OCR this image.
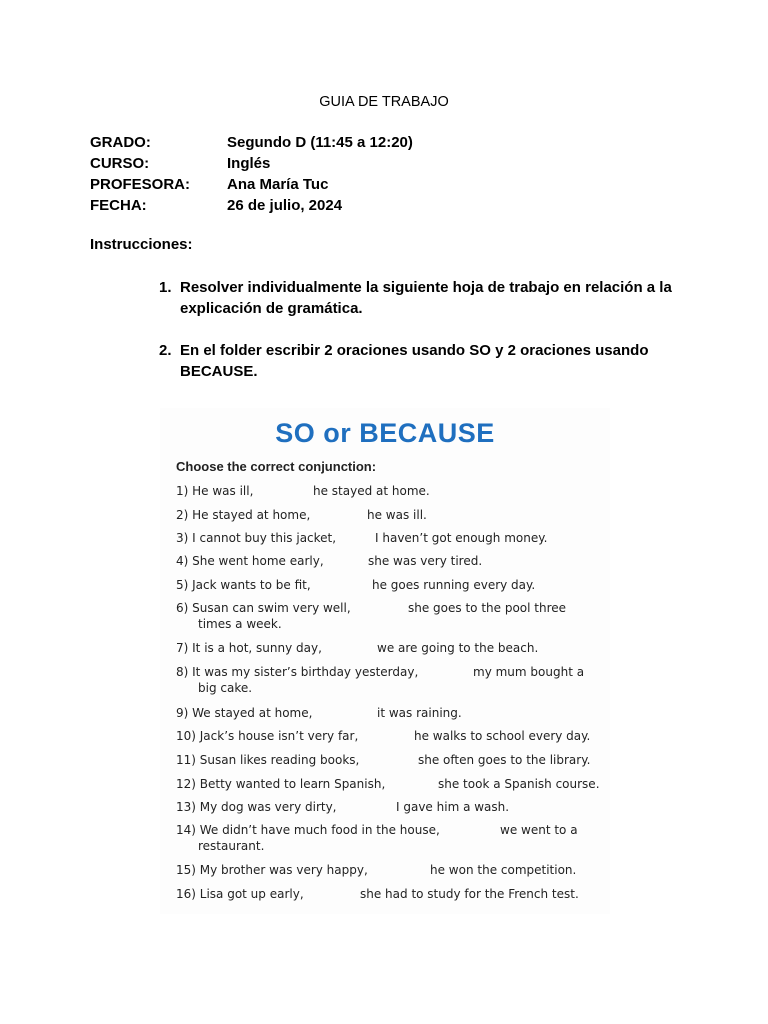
GUIA DE TRABAJO
GRADO:	Segundo D (11:45 a 12:20)
CURSO:	Inglés
PROFESORA: Ana María Tuc
FECHA:	26 de julio, 2024
Instrucciones:
1. Resolver individualmente la siguiente hoja de trabajo en relación a la explicación de gramática.
2. En el folder escribir 2 oraciones usando SO y 2 oraciones usando BECAUSE.
SO or BECAUSE
Choose the correct conjunction:
1) He was ill,	he stayed at home.
2) He stayed at home,	he was ill.
3) I cannot buy this jacket,	I haven’t got enough money.
4) She went home early,	she was very tired.
5) Jack wants to be fit,	he goes running every day.
6) Susan can swim very well,	she goes to the pool three
times a week.
7) It is a hot, sunny day,	we are going to the beach.
8) It was my sister’s birthday yesterday,	my mum bought a
big cake.
9) We stayed at home,	it was raining.
10) Jack’s house isn’t very far,	he walks to school every day.
11) Susan likes reading books,	she often goes to the library.
12) Betty wanted to learn Spanish,	she took a Spanish course.
13) My dog was very dirty,	I gave him a wash.
14) We didn’t have much food in the house,	we went to a
restaurant.
15) My brother was very happy,	he won the competition.
16) Lisa got up early,	she had to study for the French test.
